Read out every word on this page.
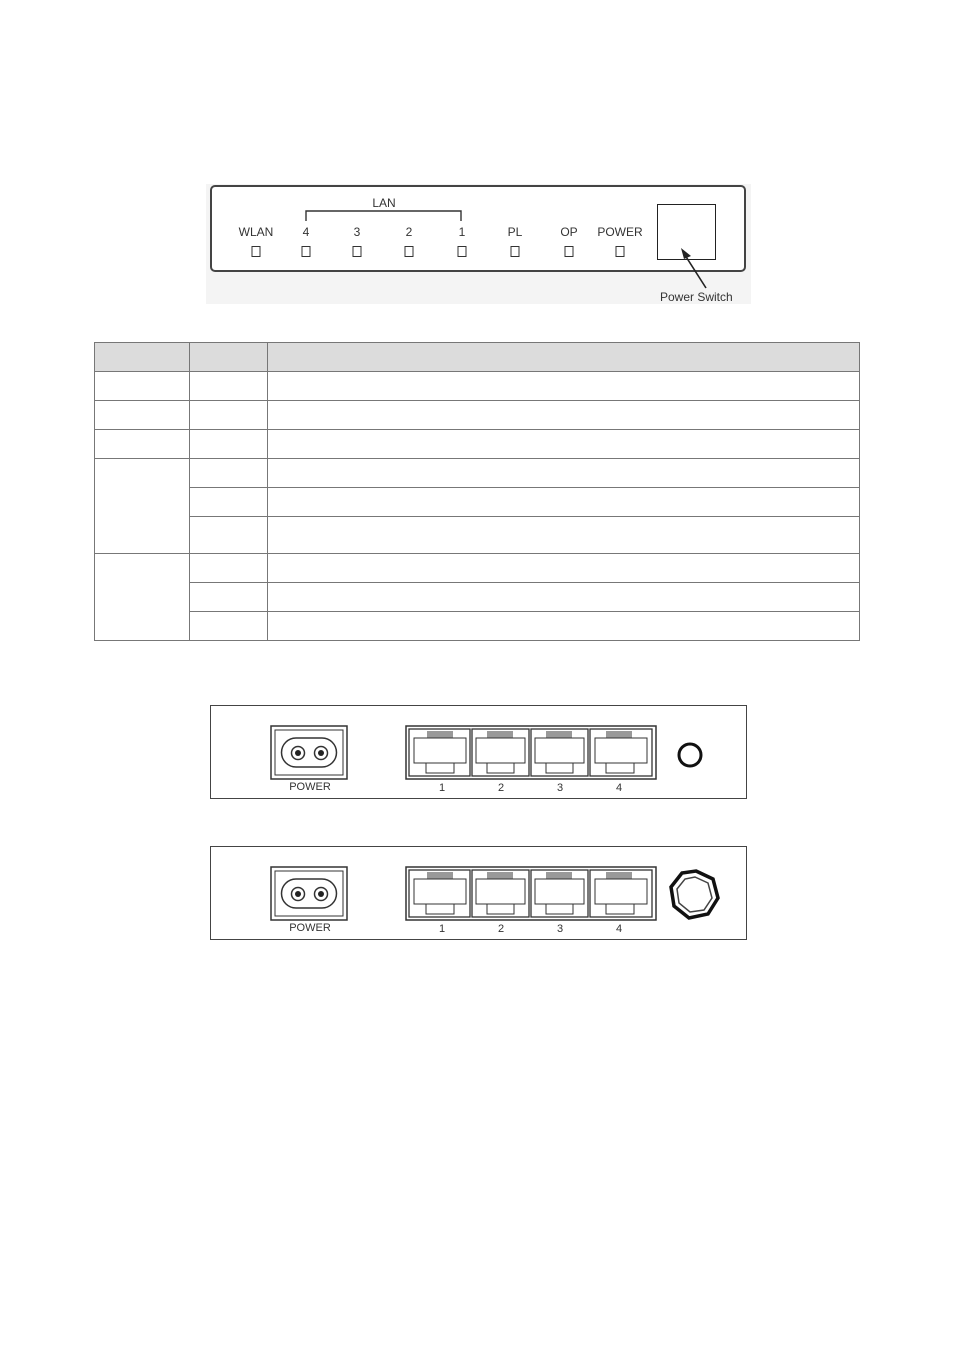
LAN
WLAN 4	3	2	1	PL	OP POWER
Power Switch

POWER	1	2	3	4
POWER	1	2	3	4
